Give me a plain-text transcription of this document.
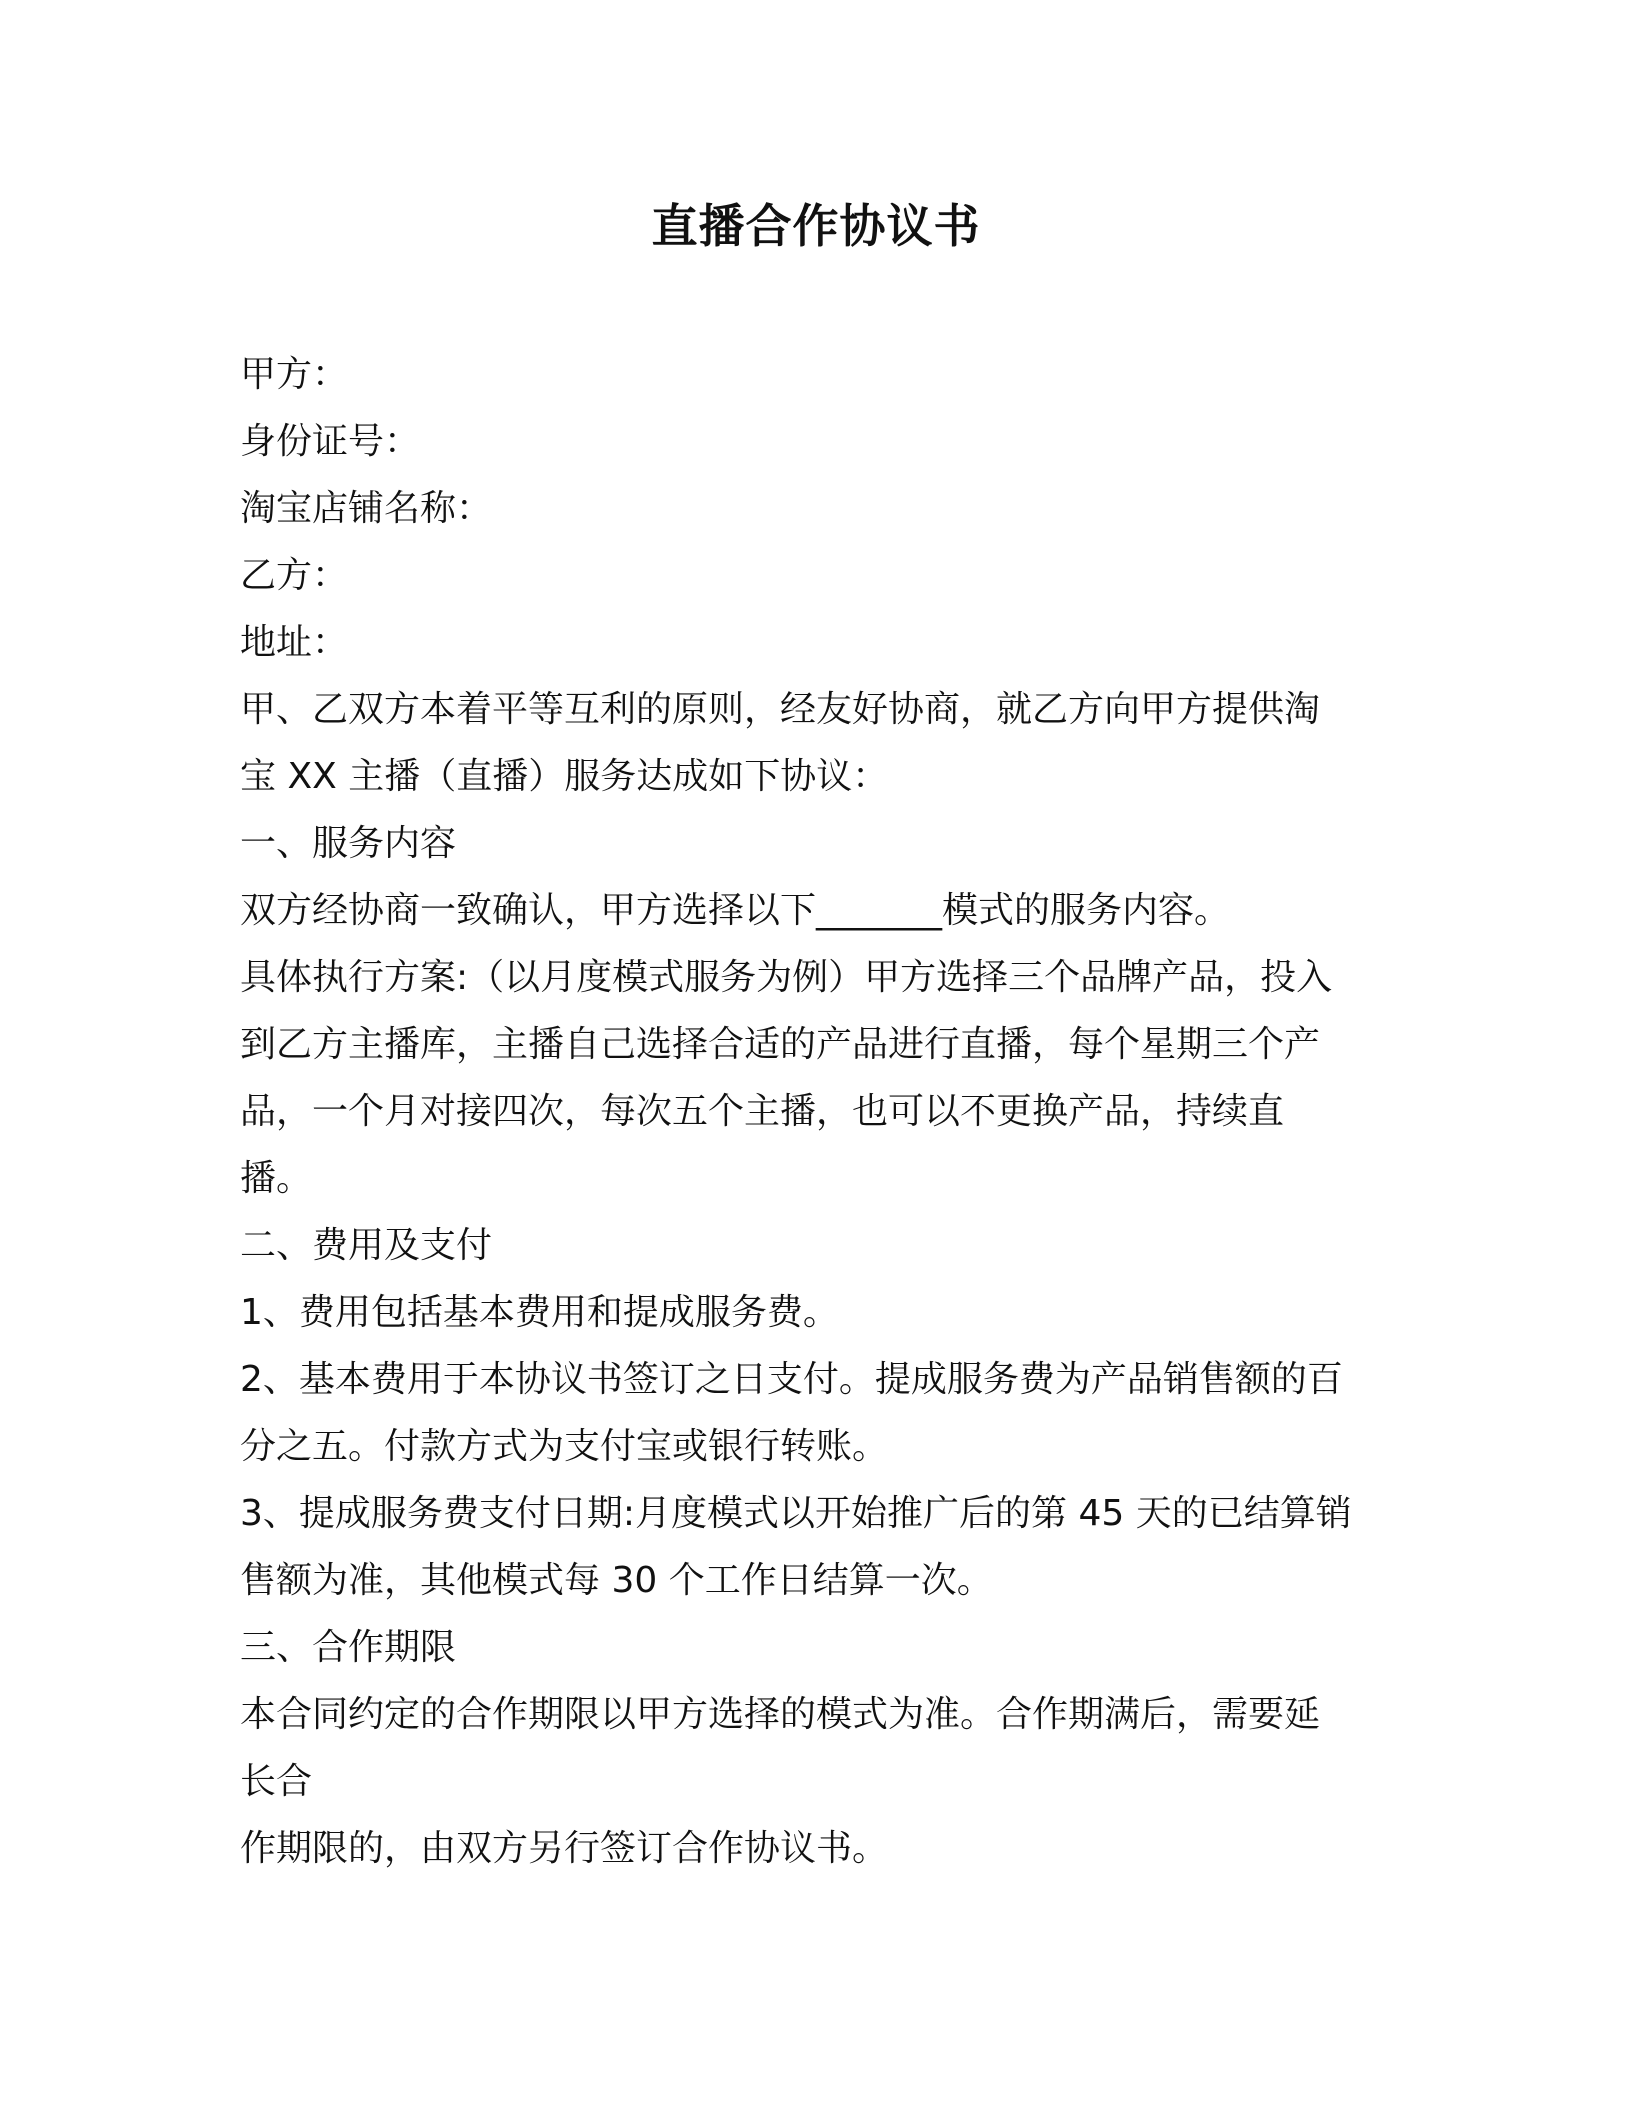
直播合作协议书

甲方：

身份证号：

淘宝店铺名称：

乙方：

地址：

甲、乙双方本着平等互利的原则，经友好协商，就乙方向甲方提供淘

宝 XX 主播（直播）服务达成如下协议：

一、服务内容

双方经协商一致确认，甲方选择以下_______模式的服务内容。

具体执行方案:（以月度模式服务为例）甲方选择三个品牌产品，投入

到乙方主播库，主播自己选择合适的产品进行直播，每个星期三个产

品，一个月对接四次，每次五个主播，也可以不更换产品，持续直

播。

二、费用及支付

1、费用包括基本费用和提成服务费。

2、基本费用于本协议书签订之日支付。提成服务费为产品销售额的百

分之五。付款方式为支付宝或银行转账。

3、提成服务费支付日期:月度模式以开始推广后的第 45 天的已结算销

售额为准，其他模式每 30 个工作日结算一次。

三、合作期限

本合同约定的合作期限以甲方选择的模式为准。合作期满后，需要延

长合

作期限的，由双方另行签订合作协议书。
